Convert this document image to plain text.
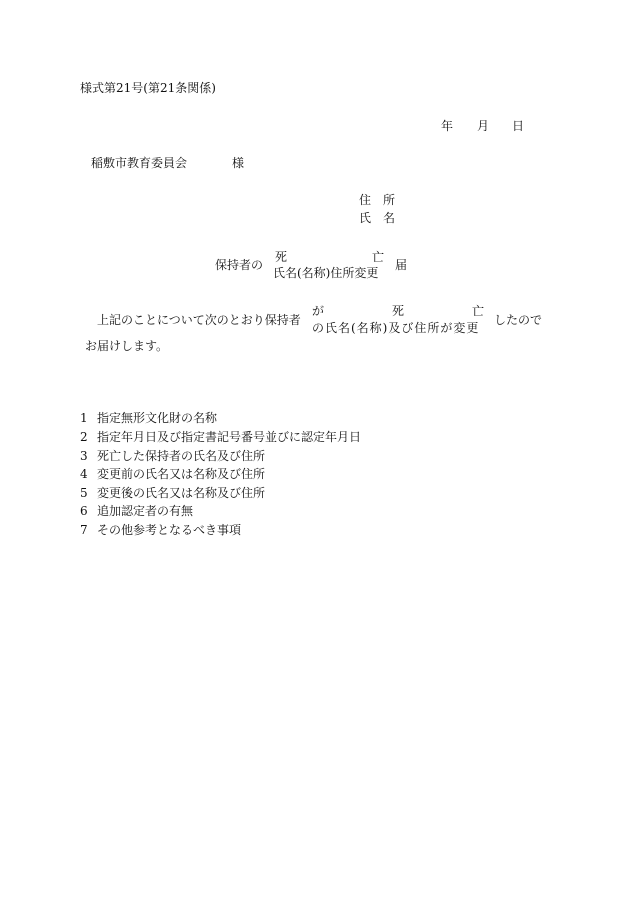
様式第21号(第21条関係)
年 月 日
稲敷市教育委員会	様
住　所
氏　名
保持者の
死	亡
氏名(名称)住所変更
届
上記のことについて次のとおり保持者
が	死	亡
の氏名(名称)及び住所が変更
したので
お届けします。
1 指定無形文化財の名称
2 指定年月日及び指定書記号番号並びに認定年月日
3 死亡した保持者の氏名及び住所
4 変更前の氏名又は名称及び住所
5 変更後の氏名又は名称及び住所
6 追加認定者の有無
7 その他参考となるべき事項
